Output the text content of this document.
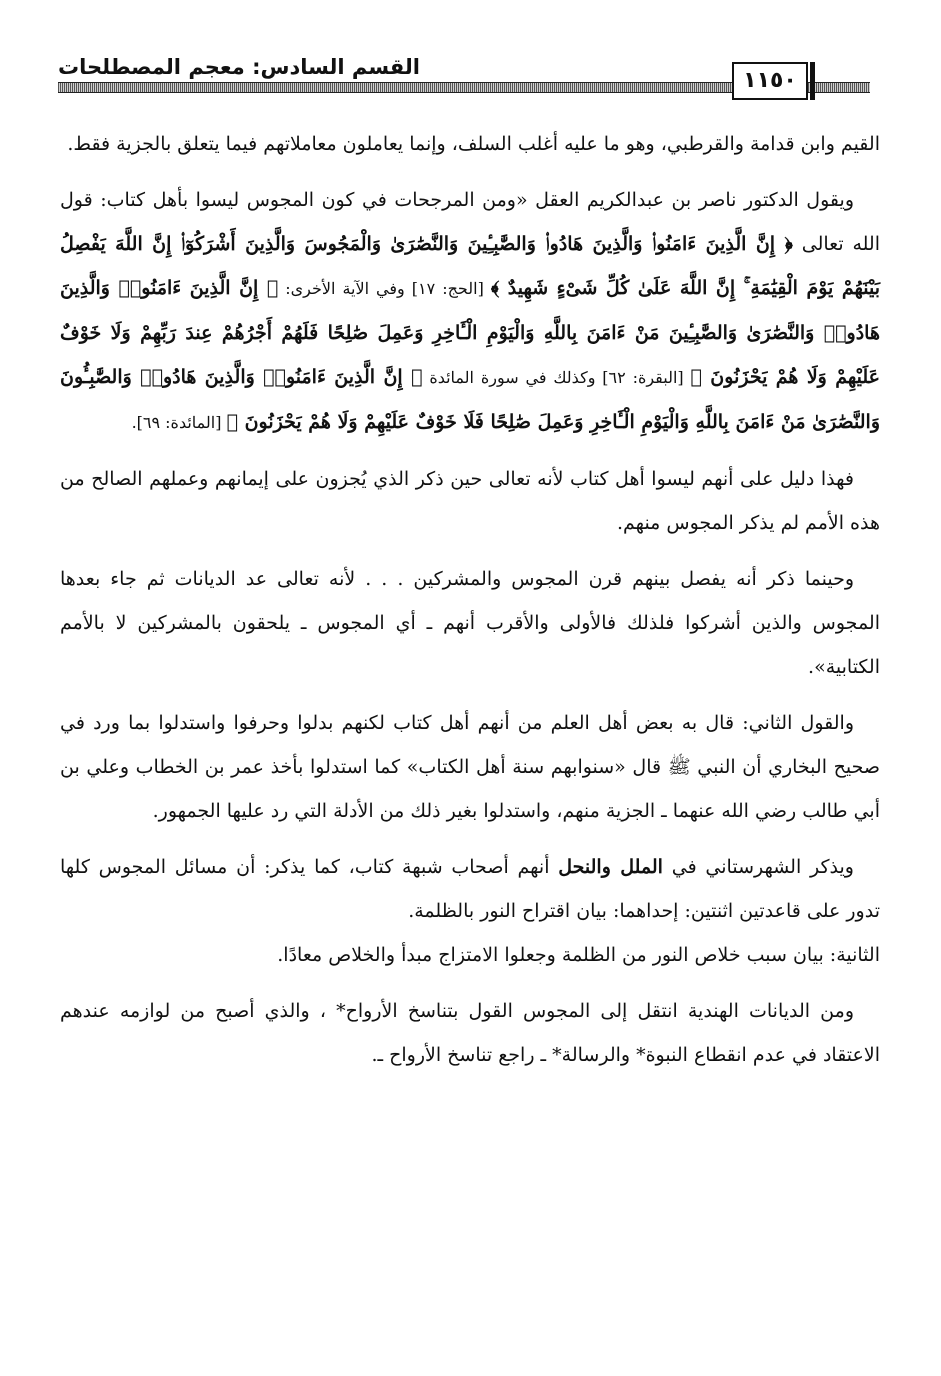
القسم السادس: معجم المصطلحات
١١٥٠

القيم وابن قدامة والقرطبي، وهو ما عليه أغلب السلف، وإنما يعاملون معاملاتهم فيما يتعلق بالجزية فقط.

ويقول الدكتور ناصر بن عبدالكريم العقل «ومن المرجحات في كون المجوس ليسوا بأهل كتاب: قول الله تعالى ﴿ إِنَّ الَّذِينَ ءَامَنُوا۟ وَالَّذِينَ هَادُوا۟ وَالصَّٰبِـِٔينَ وَالنَّصَٰرَىٰ وَالْمَجُوسَ وَالَّذِينَ أَشْرَكُوٓا۟ إِنَّ اللَّهَ يَفْصِلُ بَيْنَهُمْ يَوْمَ الْقِيَٰمَةِ ۚ إِنَّ اللَّهَ عَلَىٰ كُلِّ شَىْءٍ شَهِيدٌ ﴾ [الحج: ١٧] وفي الآية الأخرى: ﴿ إِنَّ الَّذِينَ ءَامَنُوا۟ وَالَّذِينَ هَادُوا۟ وَالنَّصَٰرَىٰ وَالصَّٰبِـِٔينَ مَنْ ءَامَنَ بِاللَّهِ وَالْيَوْمِ الْـَٔاخِرِ وَعَمِلَ صَٰلِحًا فَلَهُمْ أَجْرُهُمْ عِندَ رَبِّهِمْ وَلَا خَوْفٌ عَلَيْهِمْ وَلَا هُمْ يَحْزَنُونَ ﴾ [البقرة: ٦٢] وكذلك في سورة المائدة ﴿ إِنَّ الَّذِينَ ءَامَنُوا۟ وَالَّذِينَ هَادُوا۟ وَالصَّٰبِـُٔونَ وَالنَّصَٰرَىٰ مَنْ ءَامَنَ بِاللَّهِ وَالْيَوْمِ الْـَٔاخِرِ وَعَمِلَ صَٰلِحًا فَلَا خَوْفٌ عَلَيْهِمْ وَلَا هُمْ يَحْزَنُونَ ﴾ [المائدة: ٦٩].

فهذا دليل على أنهم ليسوا أهل كتاب لأنه تعالى حين ذكر الذي يُجزون على إيمانهم وعملهم الصالح من هذه الأمم لم يذكر المجوس منهم.

وحينما ذكر أنه يفصل بينهم قرن المجوس والمشركين . . . لأنه تعالى عد الديانات ثم جاء بعدها المجوس والذين أشركوا فلذلك فالأولى والأقرب أنهم ـ أي المجوس ـ يلحقون بالمشركين لا بالأمم الكتابية».

والقول الثاني: قال به بعض أهل العلم من أنهم أهل كتاب لكنهم بدلوا وحرفوا واستدلوا بما ورد في صحيح البخاري أن النبي ﷺ قال «سنوابهم سنة أهل الكتاب» كما استدلوا بأخذ عمر بن الخطاب وعلي بن أبي طالب رضي الله عنهما ـ الجزية منهم، واستدلوا بغير ذلك من الأدلة التي رد عليها الجمهور.

ويذكر الشهرستاني في الملل والنحل أنهم أصحاب شبهة كتاب، كما يذكر: أن مسائل المجوس كلها تدور على قاعدتين اثنتين: إحداهما: بيان اقتراح النور بالظلمة.

الثانية: بيان سبب خلاص النور من الظلمة وجعلوا الامتزاج مبدأ والخلاص معادًا.

ومن الديانات الهندية انتقل إلى المجوس القول بتناسخ الأرواح* ، والذي أصبح من لوازمه عندهم الاعتقاد في عدم انقطاع النبوة* والرسالة* ـ راجع تناسخ الأرواح ـ.
